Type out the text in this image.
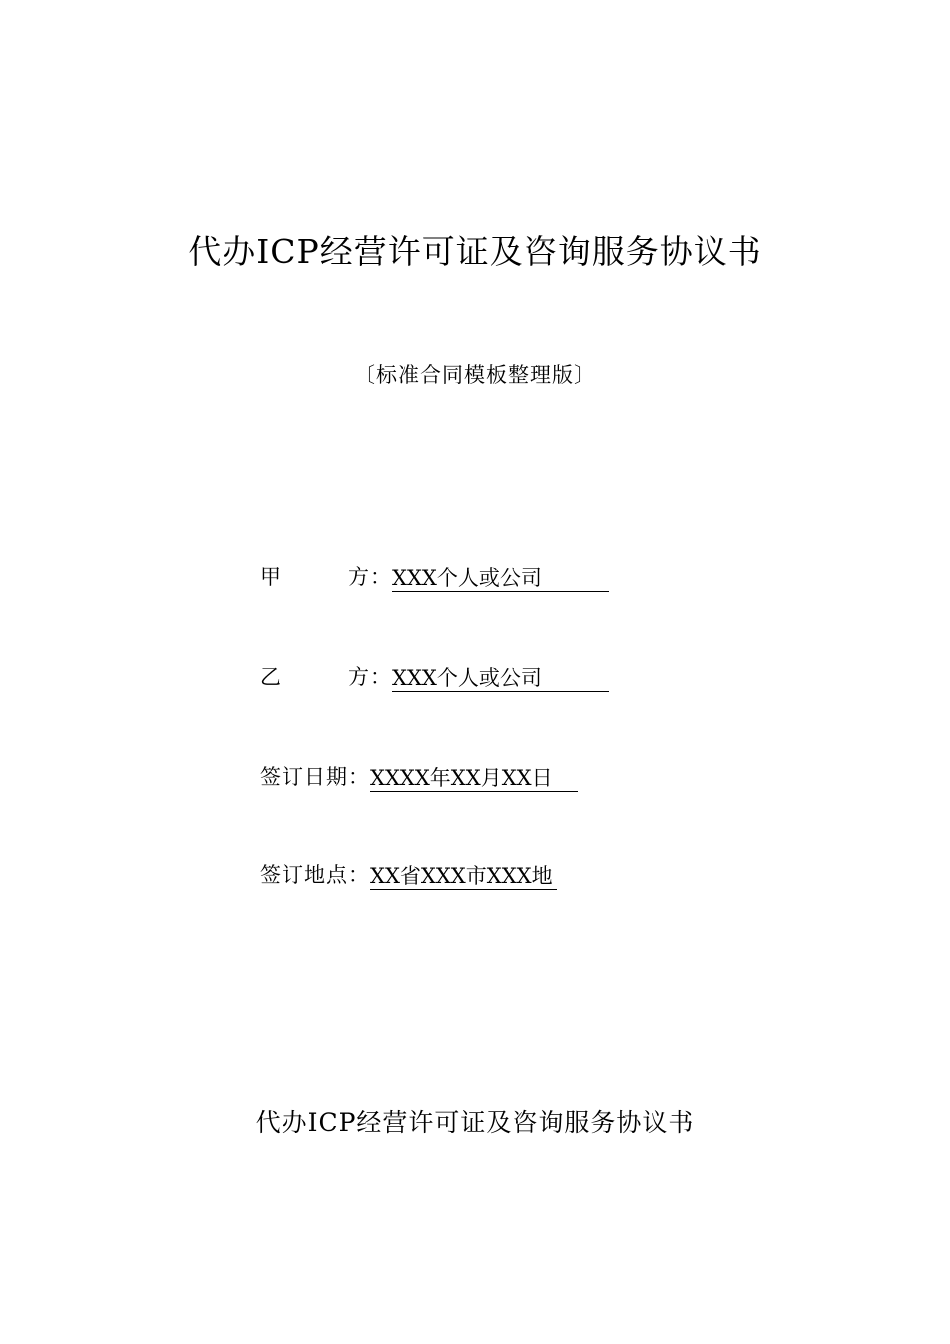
代办ICP经营许可证及咨询服务协议书
〔标准合同模板整理版〕
甲　　　方： XXX个人或公司　　　
乙　　　方： XXX个人或公司　　　
签订日期： XXXX年XX月XX日　
签订地点： XX省XXX市XXX地
代办ICP经营许可证及咨询服务协议书
